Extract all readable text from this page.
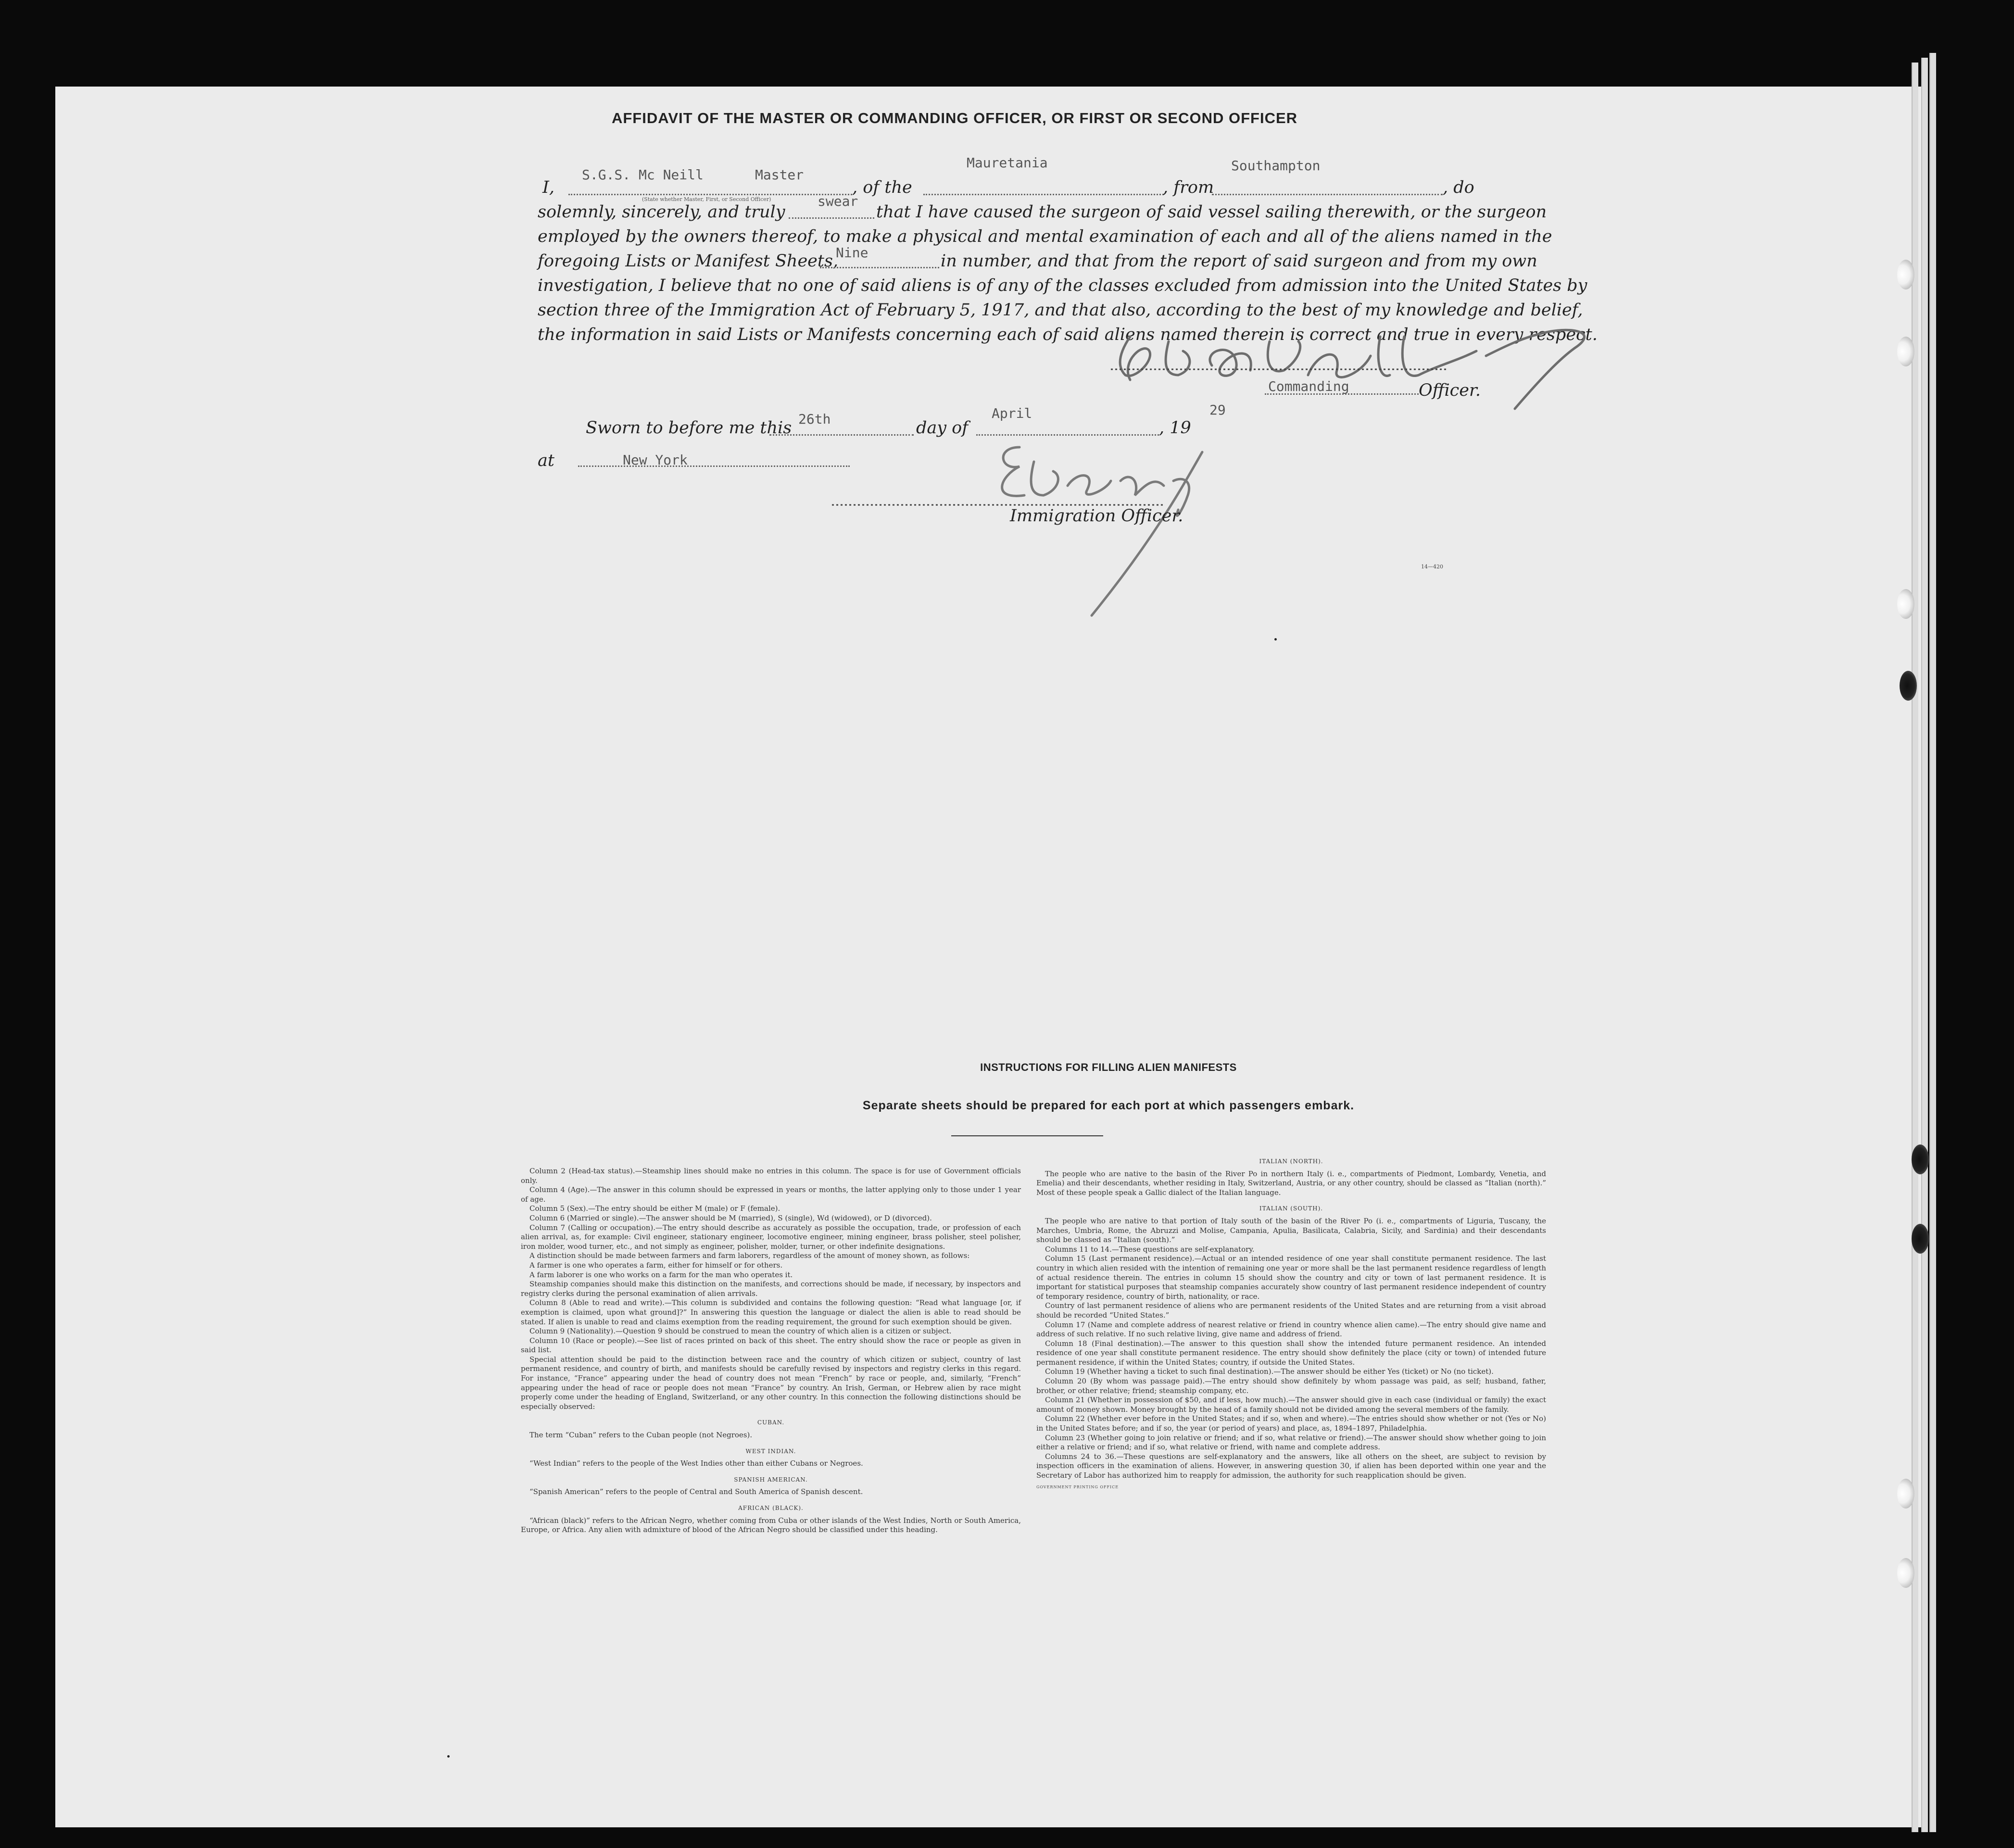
AFFIDAVIT OF THE MASTER OR COMMANDING OFFICER, OR FIRST OR SECOND OFFICER
I,
S.G.S. Mc Neill	Master
(State whether Master, First, or Second Officer)
, of the
Mauretania
, from
Southampton
, do
solemnly, sincerely, and truly
swear
that I have caused the surgeon of said vessel sailing therewith, or the surgeon
employed by the owners thereof, to make a physical and mental examination of each and all of the aliens named in the
foregoing Lists or Manifest Sheets,
Nine	in number, and that from the report of said surgeon and from my own
investigation, I believe that no one of said aliens is of any of the classes excluded from admission into the United States by
section three of the Immigration Act of February 5, 1917, and that also, according to the best of my knowledge and belief,
the information in said Lists or Manifests concerning each of said aliens named therein is correct and true in every respect.
Commanding	Officer.
Sworn to before me this 26th	day of
April
, 19
29
at	New York
Immigration Officer.
14—420
INSTRUCTIONS FOR FILLING ALIEN MANIFESTS
Separate sheets should be prepared for each port at which passengers embark.

Column 2 (Head-tax status).—Steamship lines should make no entries in this column. The space is for use of Government officials only.

Column 4 (Age).—The answer in this column should be expressed in years or months, the latter applying only to those under 1 year of age.

Column 5 (Sex).—The entry should be either M (male) or F (female).

Column 6 (Married or single).—The answer should be M (married), S (single), Wd (widowed), or D (divorced).

Column 7 (Calling or occupation).—The entry should describe as accurately as possible the occupation, trade, or profession of each alien arrival, as, for example: Civil engineer, stationary engineer, locomotive engineer, mining engineer, brass polisher, steel polisher, iron molder, wood turner, etc., and not simply as engineer, polisher, molder, turner, or other indefinite designations.

A distinction should be made between farmers and farm laborers, regardless of the amount of money shown, as follows:

A farmer is one who operates a farm, either for himself or for others.

A farm laborer is one who works on a farm for the man who operates it.

Steamship companies should make this distinction on the manifests, and corrections should be made, if necessary, by inspectors and registry clerks during the personal examination of alien arrivals.

Column 8 (Able to read and write).—This column is subdivided and contains the following question: “Read what language [or, if exemption is claimed, upon what ground]?” In answering this question the language or dialect the alien is able to read should be stated. If alien is unable to read and claims exemption from the reading requirement, the ground for such exemption should be given.

Column 9 (Nationality).—Question 9 should be construed to mean the country of which alien is a citizen or subject.

Column 10 (Race or people).—See list of races printed on back of this sheet. The entry should show the race or people as given in said list.

Special attention should be paid to the distinction between race and the country of which citizen or subject, country of last permanent residence, and country of birth, and manifests should be carefully revised by inspectors and registry clerks in this regard. For instance, “France” appearing under the head of country does not mean “French” by race or people, and, similarly, “French” appearing under the head of race or people does not mean “France” by country. An Irish, German, or Hebrew alien by race might properly come under the heading of England, Switzerland, or any other country. In this connection the following distinctions should be especially observed:

CUBAN.

The term “Cuban” refers to the Cuban people (not Negroes).

WEST INDIAN.

“West Indian” refers to the people of the West Indies other than either Cubans or Negroes.

SPANISH AMERICAN.

“Spanish American” refers to the people of Central and South America of Spanish descent.

AFRICAN (BLACK).

“African (black)” refers to the African Negro, whether coming from Cuba or other islands of the West Indies, North or South America, Europe, or Africa. Any alien with admixture of blood of the African Negro should be classified under this heading.

ITALIAN (NORTH).

The people who are native to the basin of the River Po in northern Italy (i. e., compartments of Piedmont, Lombardy, Venetia, and Emelia) and their descendants, whether residing in Italy, Switzerland, Austria, or any other country, should be classed as “Italian (north).” Most of these people speak a Gallic dialect of the Italian language.

ITALIAN (SOUTH).

The people who are native to that portion of Italy south of the basin of the River Po (i. e., compartments of Liguria, Tuscany, the Marches, Umbria, Rome, the Abruzzi and Molise, Campania, Apulia, Basilicata, Calabria, Sicily, and Sardinia) and their descendants should be classed as “Italian (south).”

Columns 11 to 14.—These questions are self-explanatory.

Column 15 (Last permanent residence).—Actual or an intended residence of one year shall constitute permanent residence. The last country in which alien resided with the intention of remaining one year or more shall be the last permanent residence regardless of length of actual residence therein. The entries in column 15 should show the country and city or town of last permanent residence. It is important for statistical purposes that steamship companies accurately show country of last permanent residence independent of country of temporary residence, country of birth, nationality, or race.

Country of last permanent residence of aliens who are permanent residents of the United States and are returning from a visit abroad should be recorded “United States.”

Column 17 (Name and complete address of nearest relative or friend in country whence alien came).—The entry should give name and address of such relative. If no such relative living, give name and address of friend.

Column 18 (Final destination).—The answer to this question shall show the intended future permanent residence. An intended residence of one year shall constitute permanent residence. The entry should show definitely the place (city or town) of intended future permanent residence, if within the United States; country, if outside the United States.

Column 19 (Whether having a ticket to such final destination).—The answer should be either Yes (ticket) or No (no ticket).

Column 20 (By whom was passage paid).—The entry should show definitely by whom passage was paid, as self; husband, father, brother, or other relative; friend; steamship company, etc.

Column 21 (Whether in possession of $50, and if less, how much).—The answer should give in each case (individual or family) the exact amount of money shown. Money brought by the head of a family should not be divided among the several members of the family.

Column 22 (Whether ever before in the United States; and if so, when and where).—The entries should show whether or not (Yes or No) in the United States before; and if so, the year (or period of years) and place, as, 1894–1897, Philadelphia.

Column 23 (Whether going to join relative or friend; and if so, what relative or friend).—The answer should show whether going to join either a relative or friend; and if so, what relative or friend, with name and complete address.

Columns 24 to 36.—These questions are self-explanatory and the answers, like all others on the sheet, are subject to revision by inspection officers in the examination of aliens. However, in answering question 30, if alien has been deported within one year and the Secretary of Labor has authorized him to reapply for admission, the authority for such reapplication should be given.

GOVERNMENT PRINTING OFFICE
